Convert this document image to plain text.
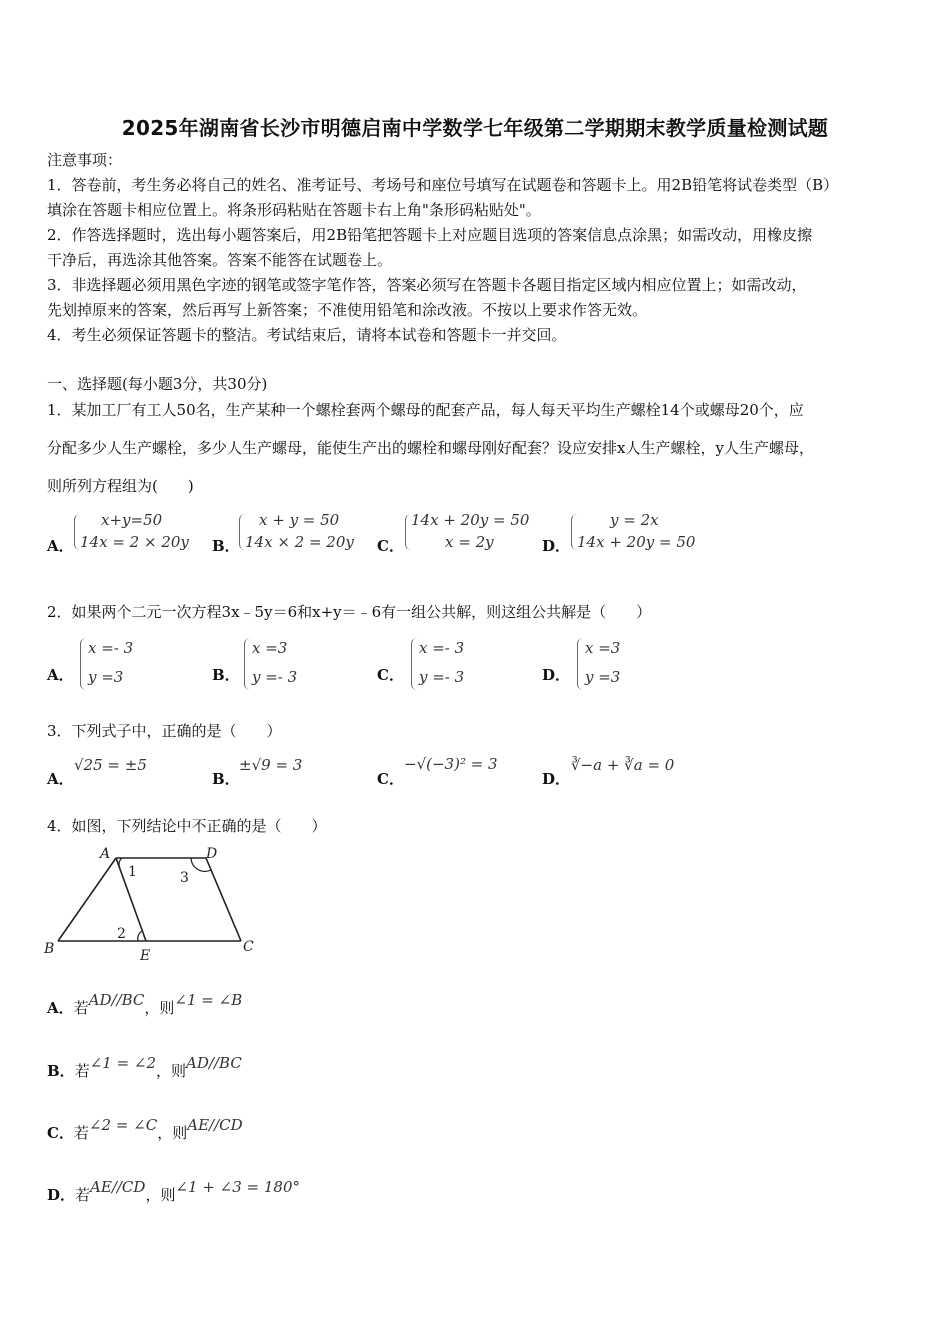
2025年湖南省长沙市明德启南中学数学七年级第二学期期末教学质量检测试题
注意事项：
1．答卷前，考生务必将自己的姓名、准考证号、考场号和座位号填写在试题卷和答题卡上。用2B铅笔将试卷类型（B）
填涂在答题卡相应位置上。将条形码粘贴在答题卡右上角"条形码粘贴处"。
2．作答选择题时，选出每小题答案后，用2B铅笔把答题卡上对应题目选项的答案信息点涂黑；如需改动，用橡皮擦
干净后，再选涂其他答案。答案不能答在试题卷上。
3．非选择题必须用黑色字迹的钢笔或签字笔作答，答案必须写在答题卡各题目指定区域内相应位置上；如需改动，
先划掉原来的答案，然后再写上新答案；不准使用铅笔和涂改液。不按以上要求作答无效。
4．考生必须保证答题卡的整洁。考试结束后，请将本试卷和答题卡一并交回。
一、选择题(每小题3分，共30分)
1．某加工厂有工人50名，生产某种一个螺栓套两个螺母的配套产品，每人每天平均生产螺栓14个或螺母20个，应
分配多少人生产螺栓，多少人生产螺母，能使生产出的螺栓和螺母刚好配套？设应安排x人生产螺栓，y人生产螺母，
则所列方程组为(　　)
A．
x+y=50
14x = 2 × 20y B．
x + y = 50
14x × 2 = 20y C．
14x + 20y = 50
x = 2y	D．
y = 2x
14x + 20y = 50
2．如果两个二元一次方程3x﹣5y＝6和x+y＝﹣6有一组公共解，则这组公共解是（　　）
A．
x =- 3
y =3	B．
x =3
y =- 3	C．
x =- 3
y =- 3	D．
x =3
y =3
3．下列式子中，正确的是（　　）
A．
√25 = ±5
B．
±√9 = 3
C．
−√(−3)² = 3
D．
∛−a + ∛a = 0
4．如图，下列结论中不正确的是（　　）
A	D
B	C
E
1
2
3
A．若AD//BC，则∠1 = ∠B
B．若∠1 = ∠2，则AD//BC
C．若∠2 = ∠C，则AE//CD
D．若AE//CD，则∠1 + ∠3 = 180°
